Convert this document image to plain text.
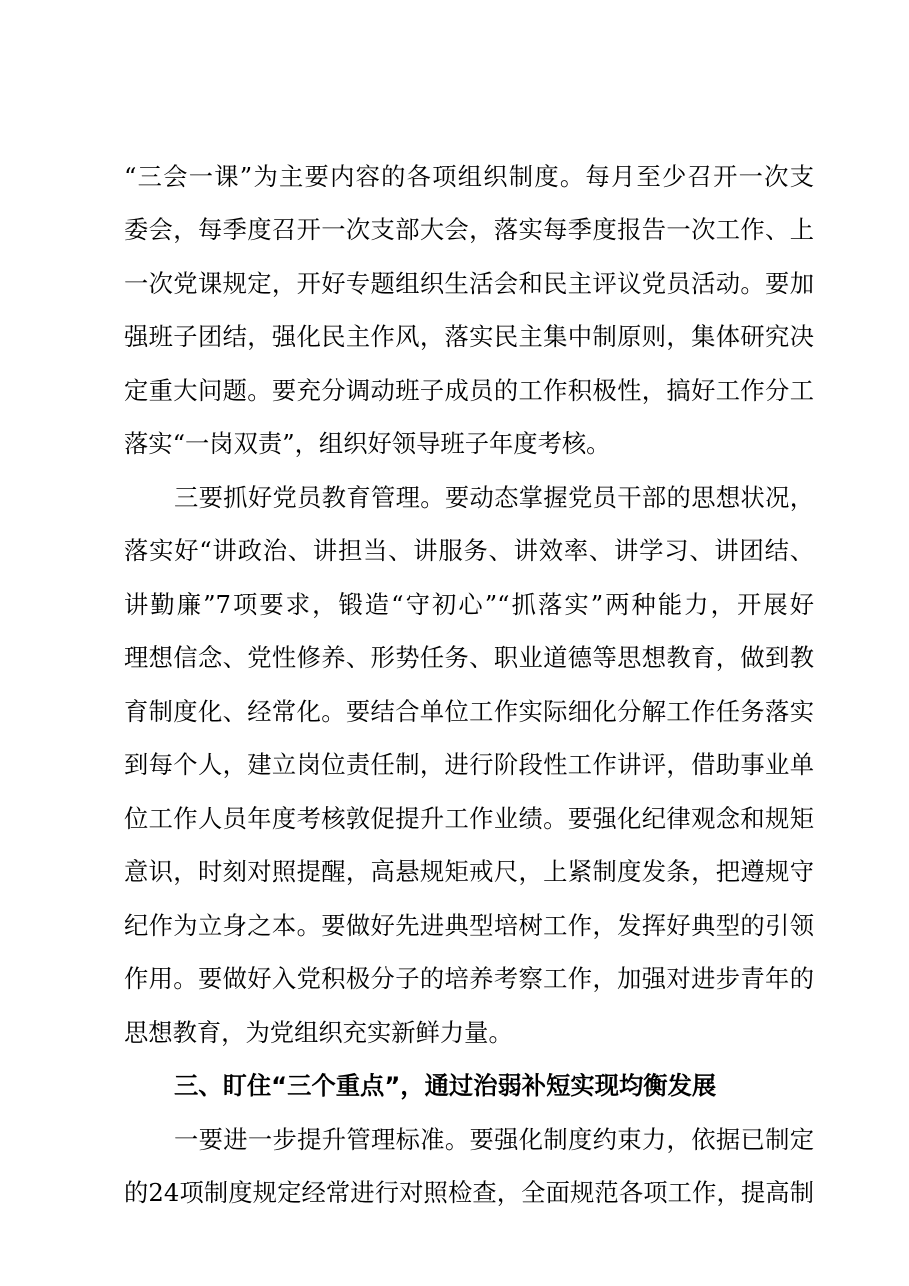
“三会一课”为主要内容的各项组织制度。每月至少召开一次支
委会，每季度召开一次支部大会，落实每季度报告一次工作、上
一次党课规定，开好专题组织生活会和民主评议党员活动。要加
强班子团结，强化民主作风，落实民主集中制原则，集体研究决
定重大问题。要充分调动班子成员的工作积极性，搞好工作分工
落实“一岗双责”，组织好领导班子年度考核。
三要抓好党员教育管理。要动态掌握党员干部的思想状况，
落实好“讲政治、讲担当、讲服务、讲效率、讲学习、讲团结、
讲勤廉”7项要求，锻造“守初心”“抓落实”两种能力，开展好
理想信念、党性修养、形势任务、职业道德等思想教育，做到教
育制度化、经常化。要结合单位工作实际细化分解工作任务落实
到每个人，建立岗位责任制，进行阶段性工作讲评，借助事业单
位工作人员年度考核敦促提升工作业绩。要强化纪律观念和规矩
意识，时刻对照提醒，高悬规矩戒尺，上紧制度发条，把遵规守
纪作为立身之本。要做好先进典型培树工作，发挥好典型的引领
作用。要做好入党积极分子的培养考察工作，加强对进步青年的
思想教育，为党组织充实新鲜力量。
三、盯住“三个重点”，通过治弱补短实现均衡发展
一要进一步提升管理标准。要强化制度约束力，依据已制定
的24项制度规定经常进行对照检查，全面规范各项工作，提高制
